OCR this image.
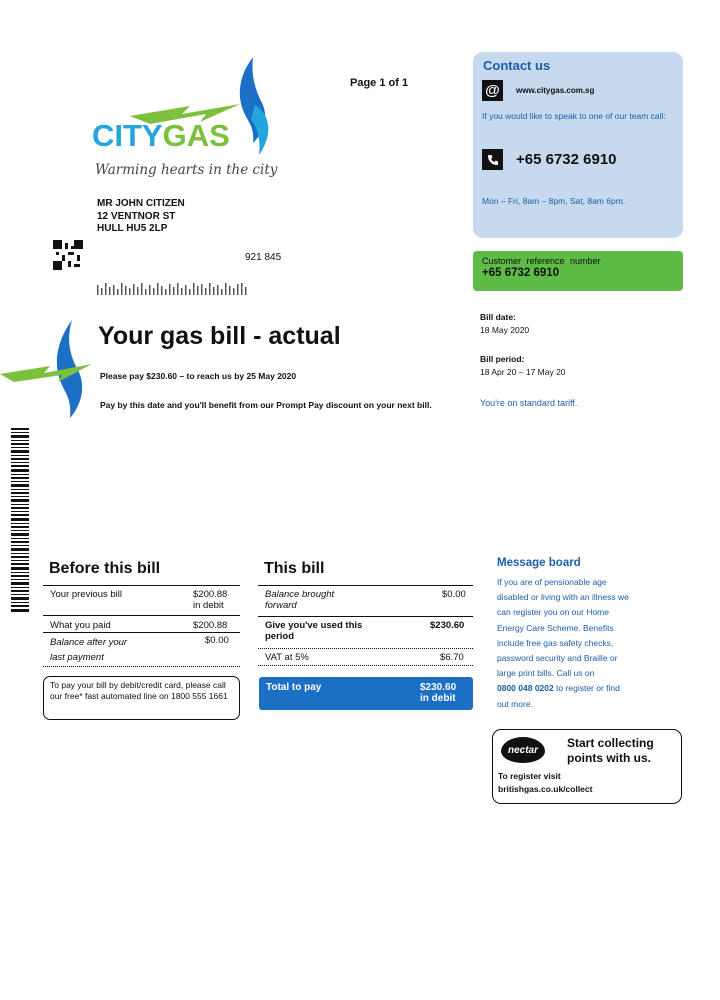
CITYGAS
Warming hearts in the city
Page 1 of 1
MR JOHN CITIZEN
12 VENTNOR ST
HULL HU5 2LP
921 845
Your gas bill - actual
Please pay $230.60 – to reach us by 25 May 2020
Pay by this date and you'll benefit from our Prompt Pay discount on your next bill.
Contact us
@	www.citygas.com.sg
If you would like to speak to one of our team call:
+65 6732 6910
Mon – Fri, 8am – 8pm, Sat, 8am 6pm.
Customer reference number
+65 6732 6910
Bill date:
18 May 2020
Bill period:
18 Apr 20 – 17 May 20
You're on standard tariff.
Before this bill
Your previous bill	$200.88
in debit
What you paid	$200.88
Balance after your
last payment
$0.00
To pay your bill by debit/credit card, please call our free* fast automated line on 1800 555 1661
This bill
Balance brought
forward
$0.00
Give you've used this
period
$230.60
VAT at 5%	$6.70
Total to pay	$230.60
in debit
Message board
If you are of pensionable age
disabled or living with an illness we
can register you on our Home
Energy Care Scheme. Benefits
include free gas safety checks,
password security and Braille or
large print bills. Call us on
0800 048 0202 to register or find
out more.
nectar	Start collecting
points with us.
To register visit
britishgas.co.uk/collect
